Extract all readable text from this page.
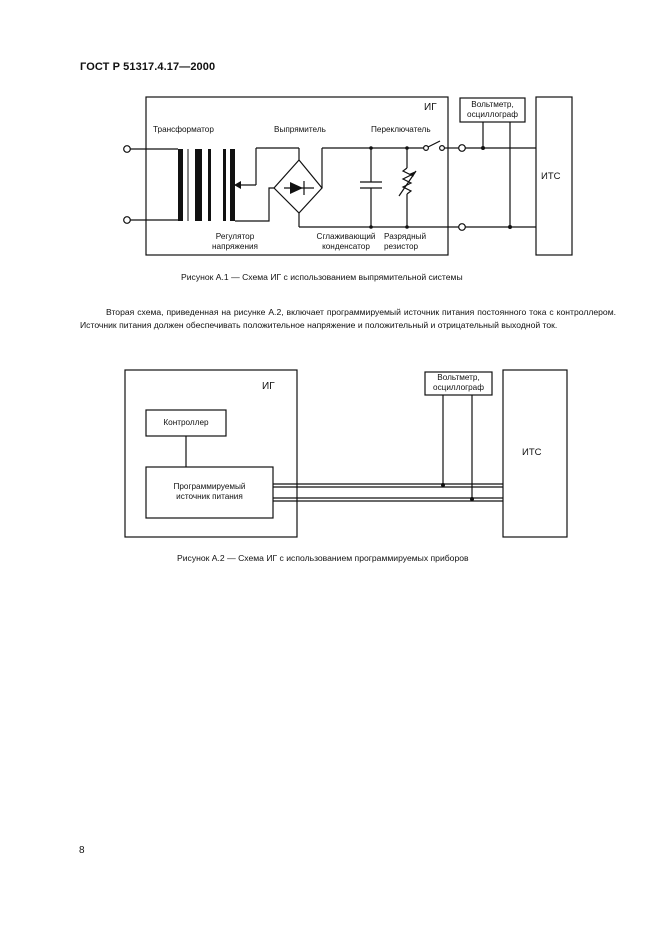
ГОСТ Р 51317.4.17—2000
ИГ
ИТС
Трансформатор	Выпрямитель	Переключатель
Вольтметр,
осциллограф
Регулятор
напряжения
Сглаживающий
конденсатор
Разрядный
резистор
Рисунок А.1 — Схема ИГ с использованием выпрямительной системы
Вторая схема, приведенная на рисунке А.2, включает программируемый источник питания постоянного тока с контроллером. Источник питания должен обеспечивать положительное напряжение и положительный и отрицательный выходной ток.
ИГ
ИТС
Контроллер
Программируемый
источник питания
Вольтметр,
осциллограф
Рисунок А.2 — Схема ИГ с использованием программируемых приборов
8
